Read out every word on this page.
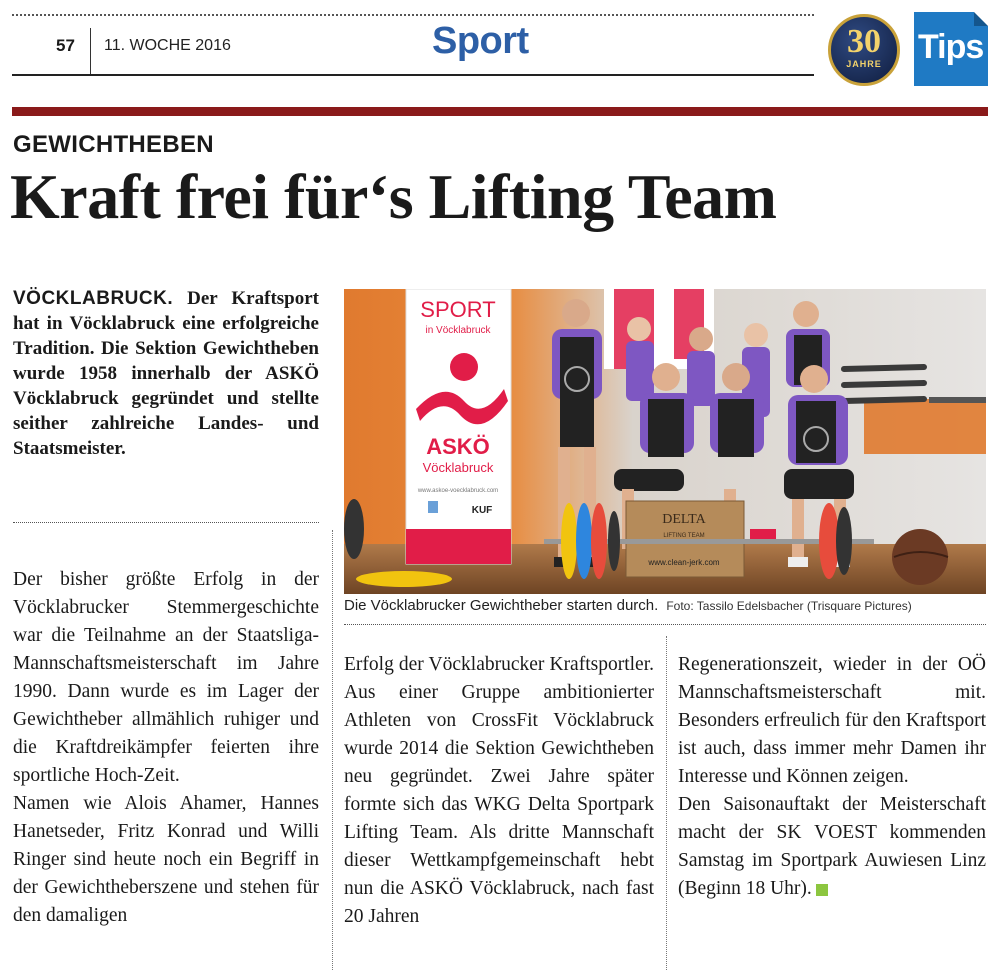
57 11. WOCHE 2016	Sport	30
JAHRE	Tips
GEWICHTHEBEN
Kraft frei für‘s Lifting Team
VÖCKLABRUCK. Der Kraftsport hat in Vöcklabruck eine erfolgreiche Tradition. Die Sektion Gewichtheben wurde 1958 innerhalb der ASKÖ Vöcklabruck gegründet und stellte seither zahlreiche Landes- und Staatsmeister.
SPORT
in Vöcklabruck
ASKÖ
Vöcklabruck
www.askoe-voecklabruck.com
KUF
DELTA
LIFTING TEAM
www.clean-jerk.com
Die Vöcklabrucker Gewichtheber starten durch. Foto: Tassilo Edelsbacher (Trisquare Pictures)

Der bisher größte Erfolg in der Vöcklabrucker Stemmergeschichte war die Teilnahme an der Staatsliga-Mannschaftsmeisterschaft im Jahre 1990. Dann wurde es im Lager der Gewichtheber allmählich ruhiger und die Kraftdreikämpfer feierten ihre sportliche Hoch-Zeit.

Namen wie Alois Ahamer, Hannes Hanetseder, Fritz Konrad und Willi Ringer sind heute noch ein Begriff in der Gewichtheberszene und stehen für den damaligen

Erfolg der Vöcklabrucker Kraftsportler. Aus einer Gruppe ambitionierter Athleten von CrossFit Vöcklabruck wurde 2014 die Sektion Gewichtheben neu gegründet. Zwei Jahre später formte sich das WKG Delta Sportpark Lifting Team. Als dritte Mannschaft dieser Wettkampfgemeinschaft hebt nun die ASKÖ Vöcklabruck, nach fast 20 Jahren

Regenerationszeit, wieder in der OÖ Mannschaftsmeisterschaft mit. Besonders erfreulich für den Kraftsport ist auch, dass immer mehr Damen ihr Interesse und Können zeigen.

Den Saisonauftakt der Meisterschaft macht der SK VOEST kommenden Samstag im Sportpark Auwiesen Linz (Beginn 18 Uhr).
